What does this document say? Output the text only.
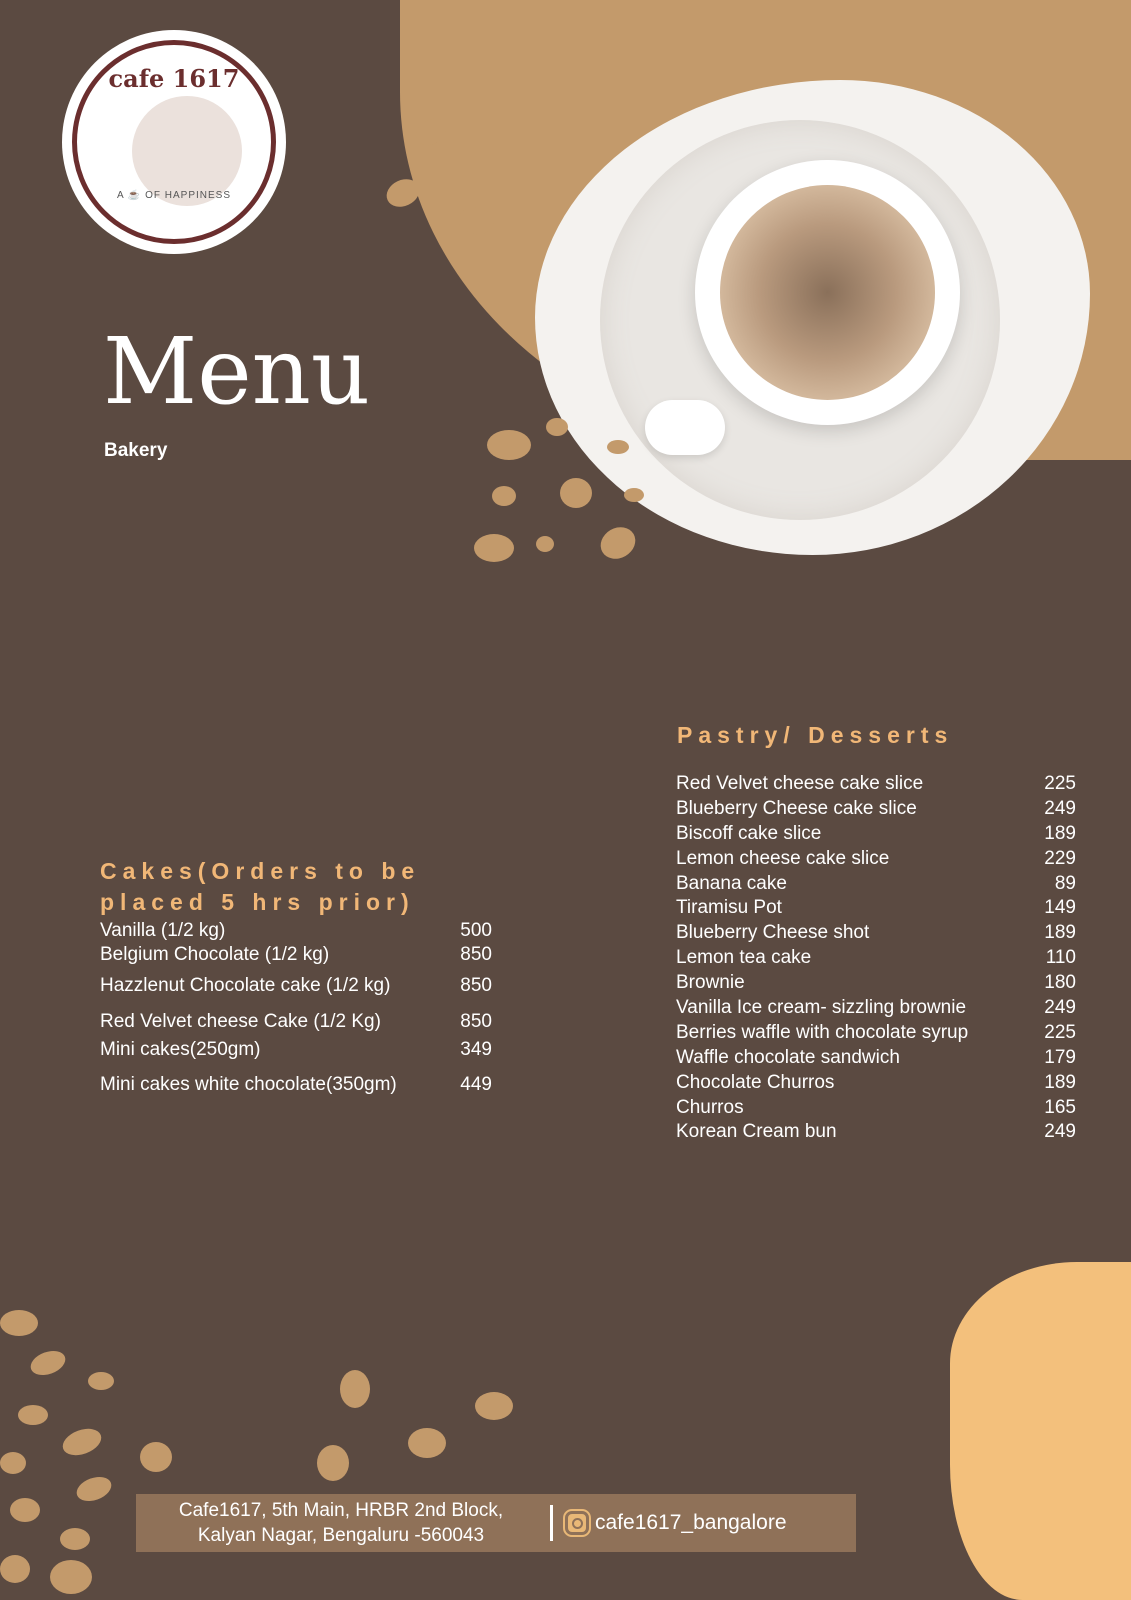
cafe 1617
A ☕ OF HAPPINESS
Menu
Bakery
Cakes(Orders to be placed 5 hrs prior)
Vanilla (1/2 kg)	500
Belgium Chocolate (1/2 kg)	850
Hazzlenut Chocolate cake (1/2 kg)	850
Red Velvet cheese Cake (1/2 Kg)	850
Mini cakes(250gm)	349
Mini cakes white chocolate(350gm)	449
Pastry/ Desserts
Red Velvet cheese cake slice	225
Blueberry Cheese cake slice	249
Biscoff cake slice	189
Lemon cheese cake slice	229
Banana cake	89
Tiramisu Pot	149
Blueberry Cheese shot	189
Lemon tea cake	110
Brownie	180
Vanilla Ice cream- sizzling brownie	249
Berries waffle with chocolate syrup	225
Waffle chocolate sandwich	179
Chocolate Churros	189
Churros	165
Korean Cream bun	249
Cafe1617, 5th Main, HRBR 2nd Block,
Kalyan Nagar, Bengaluru -560043
cafe1617_bangalore
